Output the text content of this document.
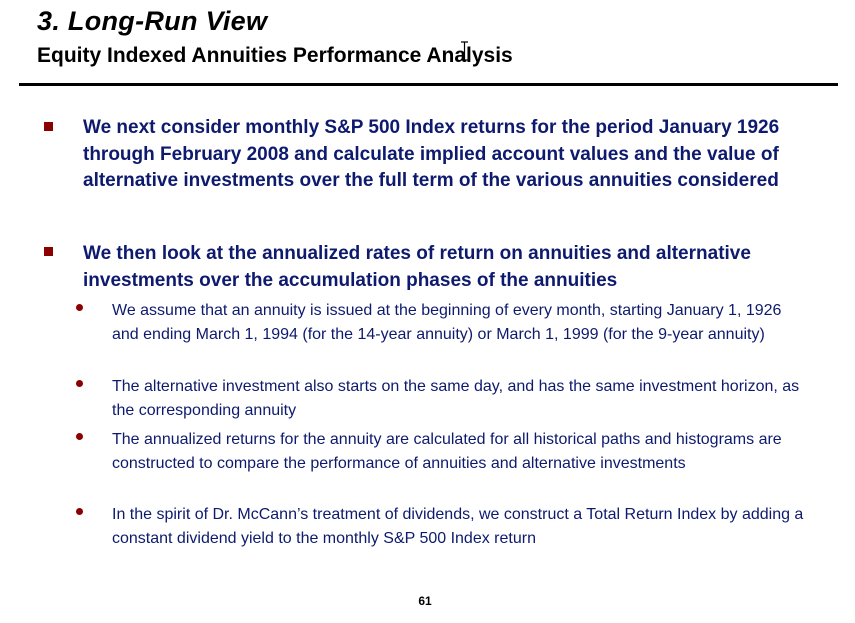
3. Long-Run View
Equity Indexed Annuities Performance Analysis
We next consider monthly S&P 500 Index returns for the period January 1926 through February 2008 and calculate implied account values and the value of alternative investments over the full term of the various annuities considered
We then look at the annualized rates of return on annuities and alternative investments over the accumulation phases of the annuities
We assume that an annuity is issued at the beginning of every month, starting January 1, 1926 and ending March 1, 1994 (for the 14-year annuity) or March 1, 1999 (for the 9-year annuity)
The alternative investment also starts on the same day, and has the same investment horizon, as the corresponding annuity
The annualized returns for the annuity are calculated for all historical paths and histograms are constructed to compare the performance of annuities and alternative investments
In the spirit of Dr. McCann’s treatment of dividends, we construct a Total Return Index by adding a constant dividend yield to the monthly S&P 500 Index return
61
